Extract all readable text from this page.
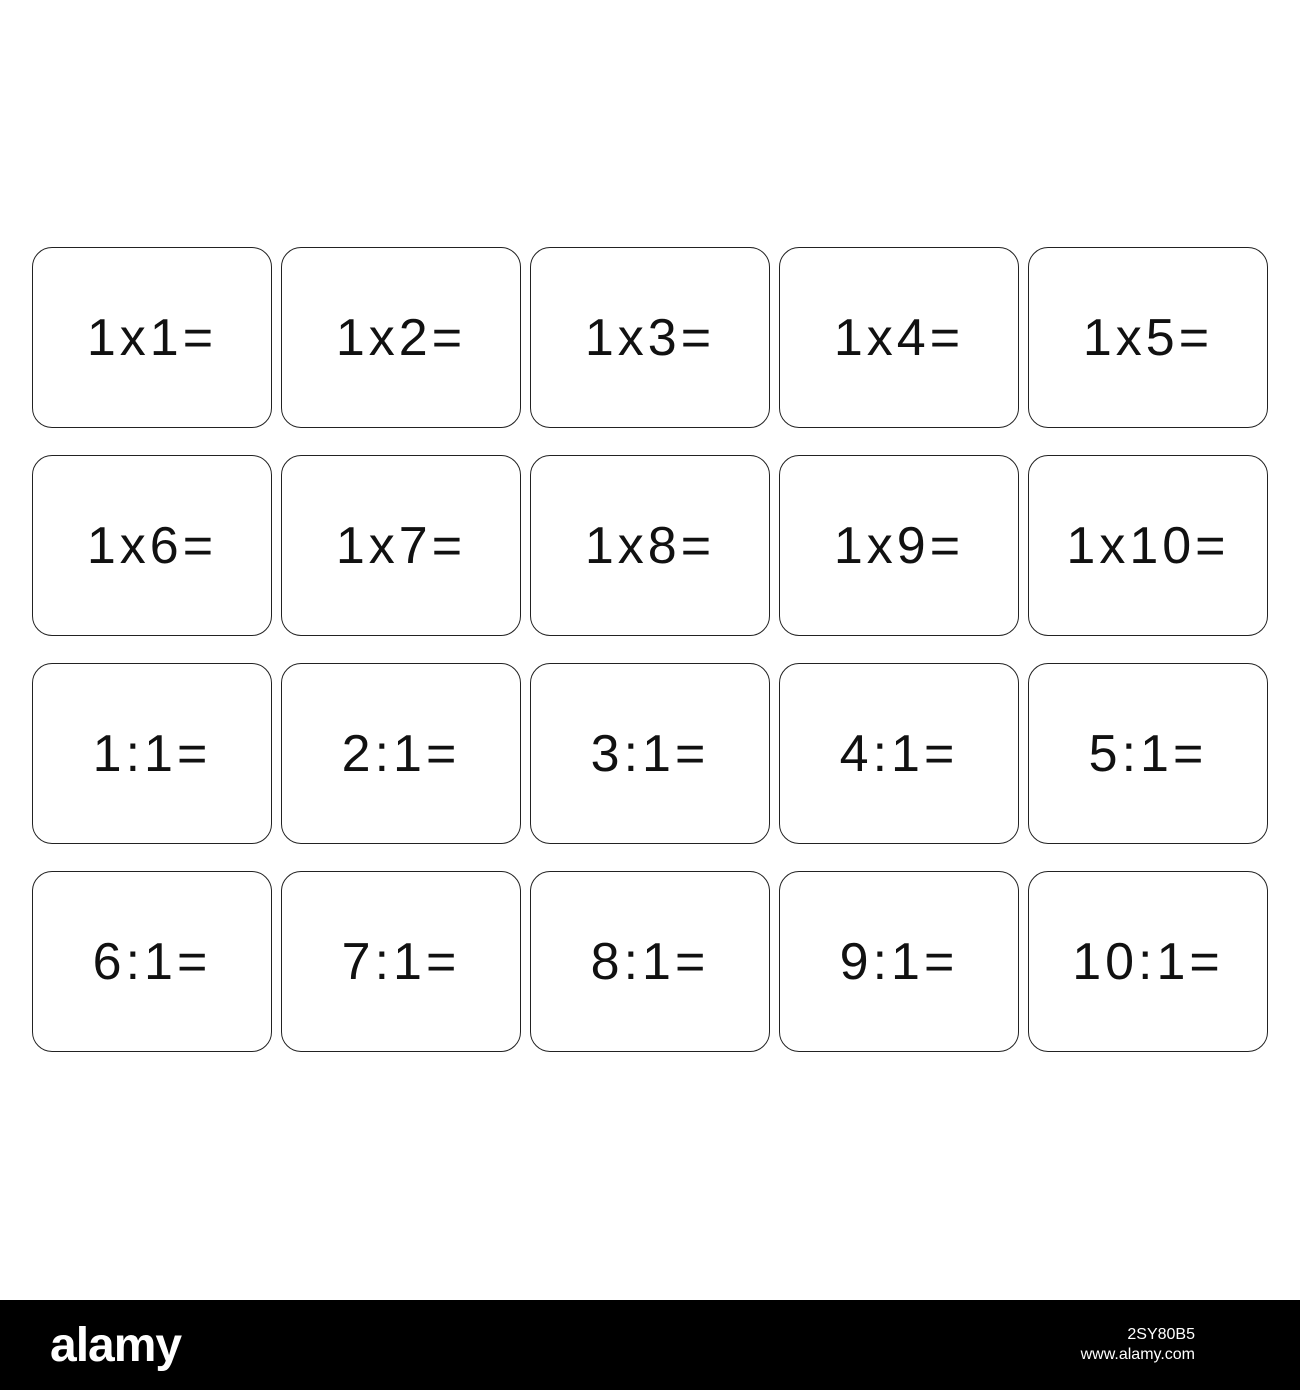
1x1= 1x2= 1x3= 1x4= 1x5=
1x6= 1x7= 1x8= 1x9= 1x10=
1:1=	2:1=	3:1=	4:1=	5:1=
6:1=	7:1=	8:1=	9:1= 10:1=
alamy	2SY80B5
www.alamy.com
